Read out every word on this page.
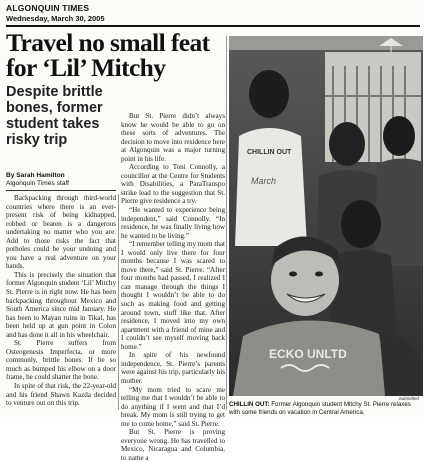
ALGONQUIN TIMES
Wednesday, March 30, 2005
Travel no small feat for ‘Lil’ Mitchy
Despite brittle bones, former student takes risky trip
By Sarah Hamilton
Algonquin Times staff

Backpacking through third-world countries where there is an ever-present risk of being kidnapped, robbed or beaten is a dangerous undertaking no matter who you are. Add to those risks the fact that potholes could be your undoing and you have a real adventure on your hands.

This is precisely the situation that former Algonquin student ‘Lil’ Mitchy St. Pierre is in right now. He has been backpacking throughout Mexico and South America since mid January. He has been to Mayan ruins in Tikal, has been held up at gun point in Colon and has done it all in his wheelchair.

St. Pierre suffers from Osteogenesis Imperfecta, or more commonly, brittle bones. If he so much as bumped his elbow on a door frame, he could shatter the bone.

In spite of that risk, the 22-year-old and his friend Shawn Kazda decided to venture out on this trip.

But St. Pierre didn’t always know he would be able to go on these sorts of adventures. The decision to move into residence here at Algonquin was a major turning point in his life.

According to Toni Connolly, a councillor at the Centre for Students with Disabilities, a ParaTranspo strike lead to the suggestion that St. Pierre give residence a try.

“He wanted to experience being independent,” said Connolly. “In residence, he was finally living how he wanted to be living.”

“I remember telling my mom that I would only live there for four months because I was scared to move there,” said St. Pierre. “After four months had passed, I realized I can manage through the things I thought I wouldn’t be able to do such as making food and getting around town, stuff like that. After residence, I moved into my own apartment with a friend of mine and I couldn’t see myself moving back home.”

In spite of his newfound independence, St. Pierre’s parents were against his trip, particularly his mother.

“My mom tried to scare me telling me that I wouldn’t be able to do anything if I went and that I’d break. My mom is still trying to get me to come home,” said St. Pierre.

But St. Pierre is proving everyone wrong. He has travelled to Mexico, Nicaragua and Columbia, to name a

CHILLIN OUT
March
ECKO UNLTD
Submitted
CHILLIN OUT: Former Algonquin student Mitchy St. Pierre relaxes with some friends on vacation in Central America.
